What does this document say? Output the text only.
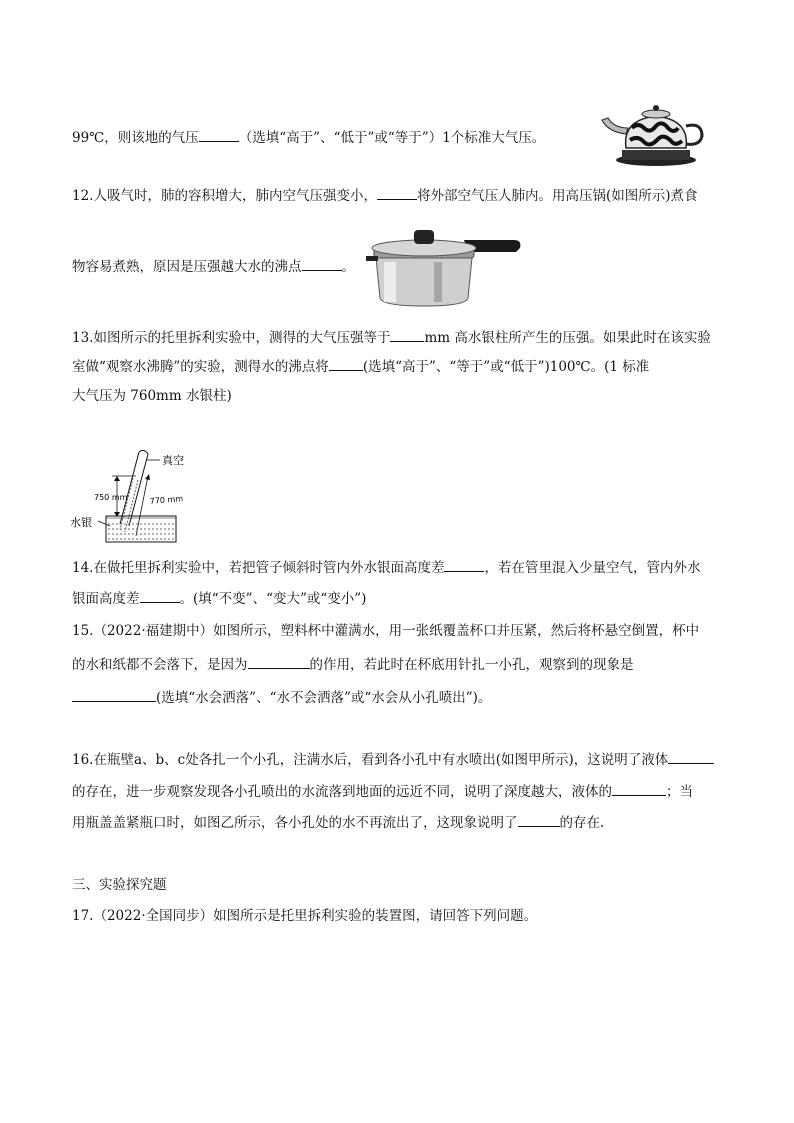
99℃，则该地的气压	（选填“高于”、“低于”或“等于”）1个标准大气压。
12.人吸气时，肺的容积增大，肺内空气压强变小，	将外部空气压人肺内。用高压锅(如图所示)煮食
物容易煮熟，原因是压强越大水的沸点	。
13.如图所示的托里拆利实验中，测得的大气压强等于	mm 高水银柱所产生的压强。如果此时在该实验
室做“观察水沸腾”的实验，测得水的沸点将	(选填“高于”、“等于”或“低于”)100℃。(1 标准
大气压为 760mm 水银柱)
真空
750 mm	770 mm
水银
14.在做托里拆利实验中，若把管子倾斜时管内外水银面高度差	，若在管里混入少量空气，管内外水
银面高度差	。(填“不变”、“变大”或“变小”)
15.（2022·福建期中）如图所示，塑料杯中灌满水，用一张纸覆盖杯口并压紧，然后将杯悬空倒置，杯中
的水和纸都不会落下，是因为	的作用，若此时在杯底用针扎一小孔，观察到的现象是
(选填“水会洒落”、“水不会洒落”或“水会从小孔喷出”)。
16.在瓶壁a、b、c处各扎一个小孔，注满水后，看到各小孔中有水喷出(如图甲所示)，这说明了液体
的存在，进一步观察发现各小孔喷出的水流落到地面的远近不同，说明了深度越大，液体的	；当
用瓶盖盖紧瓶口时，如图乙所示，各小孔处的水不再流出了，这现象说明了	的存在.
三、实验探究题
17.（2022·全国同步）如图所示是托里拆利实验的装置图，请回答下列问题。
